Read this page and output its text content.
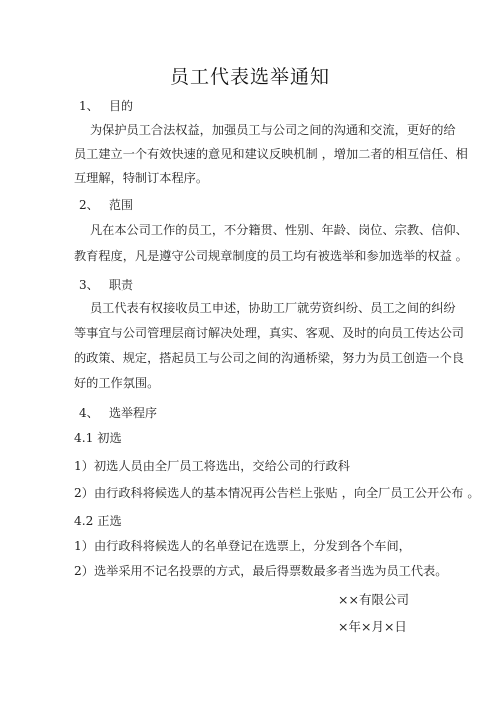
员工代表选举通知
1、 目的
为保护员工合法权益，加强员工与公司之间的沟通和交流，更好的给
员工建立一个有效快速的意见和建议反映机制 ，增加二者的相互信任、相
互理解，特制订本程序。
2、 范围
凡在本公司工作的员工，不分籍贯、性别、年龄、岗位、宗教、信仰、
教育程度，凡是遵守公司规章制度的员工均有被选举和参加选举的权益 。
3、 职责
员工代表有权接收员工申述，协助工厂就劳资纠纷、员工之间的纠纷
等事宜与公司管理层商讨解决处理，真实、客观、及时的向员工传达公司
的政策、规定，搭起员工与公司之间的沟通桥梁，努力为员工创造一个良
好的工作氛围。
4、 选举程序
4.1 初选
1）初选人员由全厂员工将选出，交给公司的行政科
2）由行政科将候选人的基本情况再公告栏上张贴 ，向全厂员工公开公布 。
4.2 正选
1）由行政科将候选人的名单登记在选票上，分发到各个车间，
2）选举采用不记名投票的方式，最后得票数最多者当选为员工代表。
××有限公司
×年×月×日
